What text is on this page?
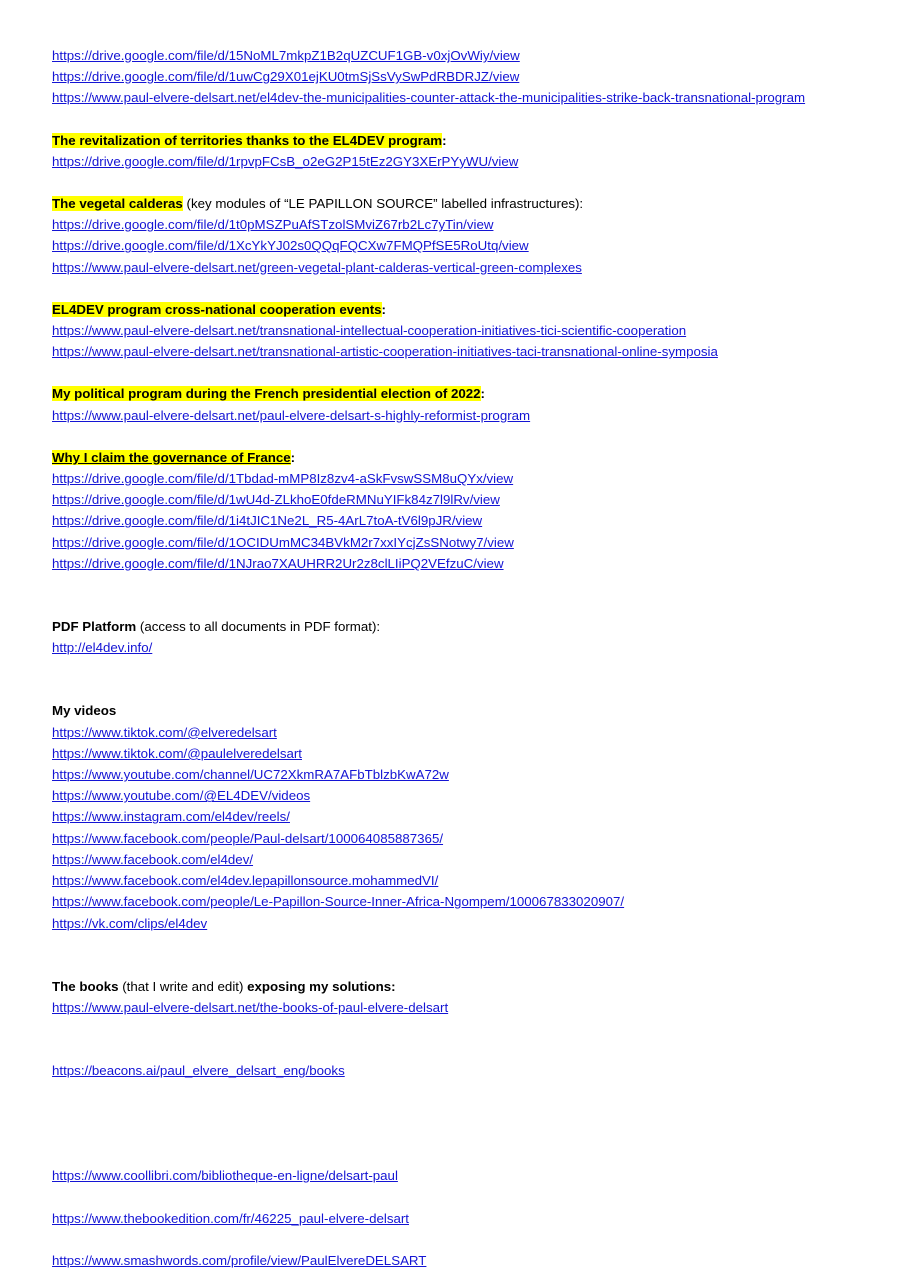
https://drive.google.com/file/d/15NoML7mkpZ1B2qUZCUF1GB-v0xjOvWiy/view
https://drive.google.com/file/d/1uwCg29X01ejKU0tmSjSsVySwPdRBDRJZ/view
https://www.paul-elvere-delsart.net/el4dev-the-municipalities-counter-attack-the-municipalities-strike-back-transnational-program
The revitalization of territories thanks to the EL4DEV program:
https://drive.google.com/file/d/1rpvpFCsB_o2eG2P15tEz2GY3XErPYyWU/view
The vegetal calderas (key modules of “LE PAPILLON SOURCE” labelled infrastructures):
https://drive.google.com/file/d/1t0pMSZPuAfSTzolSMviZ67rb2Lc7yTin/view
https://drive.google.com/file/d/1XcYkYJ02s0QQqFQCXw7FMQPfSE5RoUtq/view
https://www.paul-elvere-delsart.net/green-vegetal-plant-calderas-vertical-green-complexes
EL4DEV program cross-national cooperation events:
https://www.paul-elvere-delsart.net/transnational-intellectual-cooperation-initiatives-tici-scientific-cooperation
https://www.paul-elvere-delsart.net/transnational-artistic-cooperation-initiatives-taci-transnational-online-symposia
My political program during the French presidential election of 2022:
https://www.paul-elvere-delsart.net/paul-elvere-delsart-s-highly-reformist-program
Why I claim the governance of France:
https://drive.google.com/file/d/1Tbdad-mMP8Iz8zv4-aSkFvswSSM8uQYx/view
https://drive.google.com/file/d/1wU4d-ZLkhoE0fdeRMNuYIFk84z7l9lRv/view
https://drive.google.com/file/d/1i4tJIC1Ne2L_R5-4ArL7toA-tV6l9pJR/view
https://drive.google.com/file/d/1OCIDUmMC34BVkM2r7xxIYcjZsSNotwy7/view
https://drive.google.com/file/d/1NJrao7XAUHRR2Ur2z8clLIiPQ2VEfzuC/view
PDF Platform (access to all documents in PDF format):
http://el4dev.info/
My videos
https://www.tiktok.com/@elveredelsart
https://www.tiktok.com/@paulelveredelsart
https://www.youtube.com/channel/UC72XkmRA7AFbTblzbKwA72w
https://www.youtube.com/@EL4DEV/videos
https://www.instagram.com/el4dev/reels/
https://www.facebook.com/people/Paul-delsart/100064085887365/
https://www.facebook.com/el4dev/
https://www.facebook.com/el4dev.lepapillonsource.mohammedVI/
https://www.facebook.com/people/Le-Papillon-Source-Inner-Africa-Ngompem/100067833020907/
https://vk.com/clips/el4dev
The books (that I write and edit) exposing my solutions:
https://www.paul-elvere-delsart.net/the-books-of-paul-elvere-delsart
https://beacons.ai/paul_elvere_delsart_eng/books
https://www.coollibri.com/bibliotheque-en-ligne/delsart-paul
https://www.thebookedition.com/fr/46225_paul-elvere-delsart
https://www.smashwords.com/profile/view/PaulElvereDELSART
